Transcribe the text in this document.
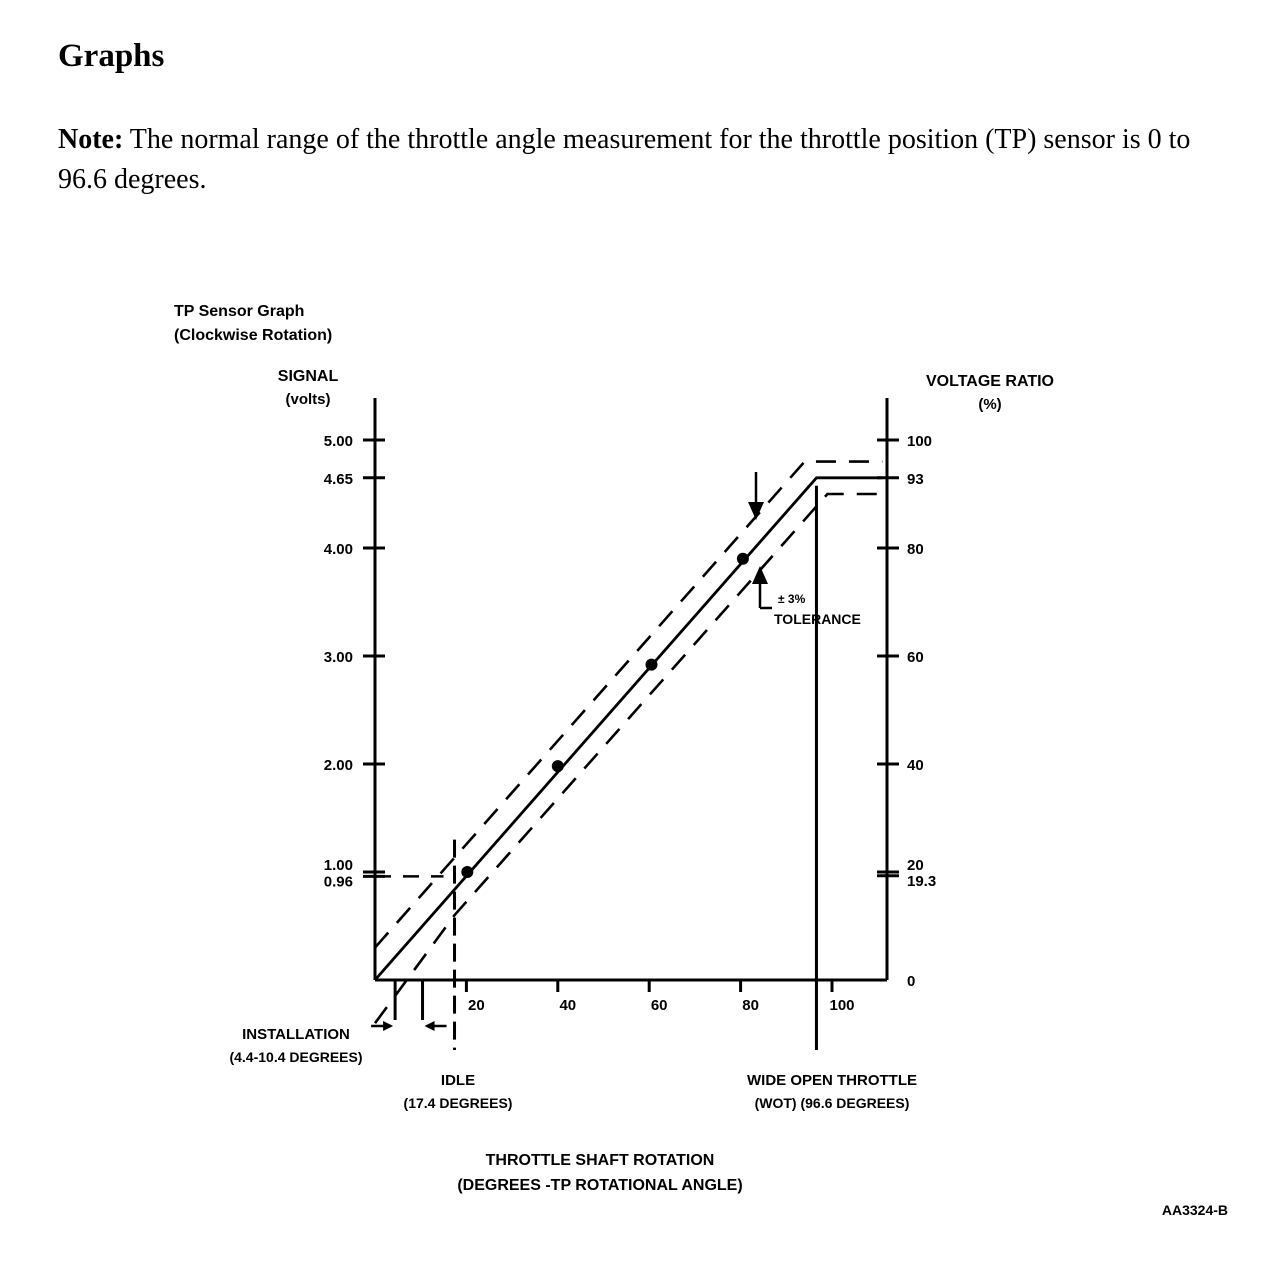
Graphs

Note: The normal range of the throttle angle measurement for the throttle position (TP) sensor is 0 to 96.6 degrees.

TP Sensor Graph
(Clockwise Rotation)
SIGNAL
(volts)
VOLTAGE RATIO
(%)
THROTTLE SHAFT ROTATION
(DEGREES -TP ROTATIONAL ANGLE)
AA3324-B
5.00
4.65
4.00
3.00
2.00
1.00
0.96
100
93
80
60
40
20
19.3
0
20	40	60	80	100
INSTALLATION
(4.4-10.4 DEGREES)
IDLE
(17.4 DEGREES)
WIDE OPEN THROTTLE
(WOT) (96.6 DEGREES)
± 3%
TOLERANCE
